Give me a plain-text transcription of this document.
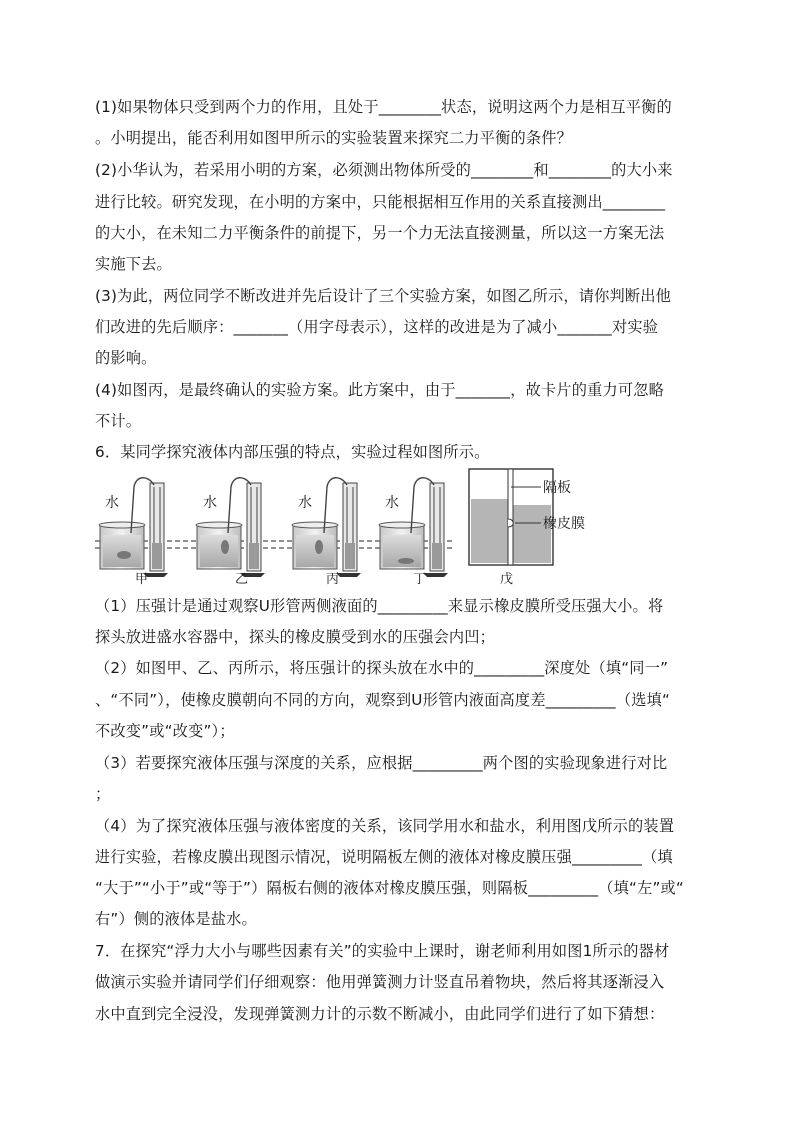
(1)如果物体只受到两个力的作用，且处于________状态，说明这两个力是相互平衡的
。小明提出，能否利用如图甲所示的实验装置来探究二力平衡的条件？
(2)小华认为，若采用小明的方案，必须测出物体所受的________和________的大小来
进行比较。研究发现，在小明的方案中，只能根据相互作用的关系直接测出________
的大小，在未知二力平衡条件的前提下，另一个力无法直接测量，所以这一方案无法
实施下去。
(3)为此，两位同学不断改进并先后设计了三个实验方案，如图乙所示，请你判断出他
们改进的先后顺序：_______（用字母表示），这样的改进是为了减小_______对实验
的影响。
(4)如图丙，是最终确认的实验方案。此方案中，由于_______，故卡片的重力可忽略
不计。
6．某同学探究液体内部压强的特点，实验过程如图所示。
水	水	水	水
隔板
橡皮膜
甲	乙	丙	丁	戊
（1）压强计是通过观察U形管两侧液面的_________来显示橡皮膜所受压强大小。将
探头放进盛水容器中，探头的橡皮膜受到水的压强会内凹；
（2）如图甲、乙、丙所示，将压强计的探头放在水中的_________深度处（填“同一”
、“不同”），使橡皮膜朝向不同的方向，观察到U形管内液面高度差_________（选填“
不改变”或“改变”）；
（3）若要探究液体压强与深度的关系，应根据_________两个图的实验现象进行对比
；
（4）为了探究液体压强与液体密度的关系，该同学用水和盐水，利用图戊所示的装置
进行实验，若橡皮膜出现图示情况，说明隔板左侧的液体对橡皮膜压强_________（填
“大于”“小于”或“等于”）隔板右侧的液体对橡皮膜压强，则隔板_________（填“左”或“
右”）侧的液体是盐水。
7．在探究“浮力大小与哪些因素有关”的实验中上课时，谢老师利用如图1所示的器材
做演示实验并请同学们仔细观察：他用弹簧测力计竖直吊着物块，然后将其逐渐浸入
水中直到完全浸没，发现弹簧测力计的示数不断减小，由此同学们进行了如下猜想：
